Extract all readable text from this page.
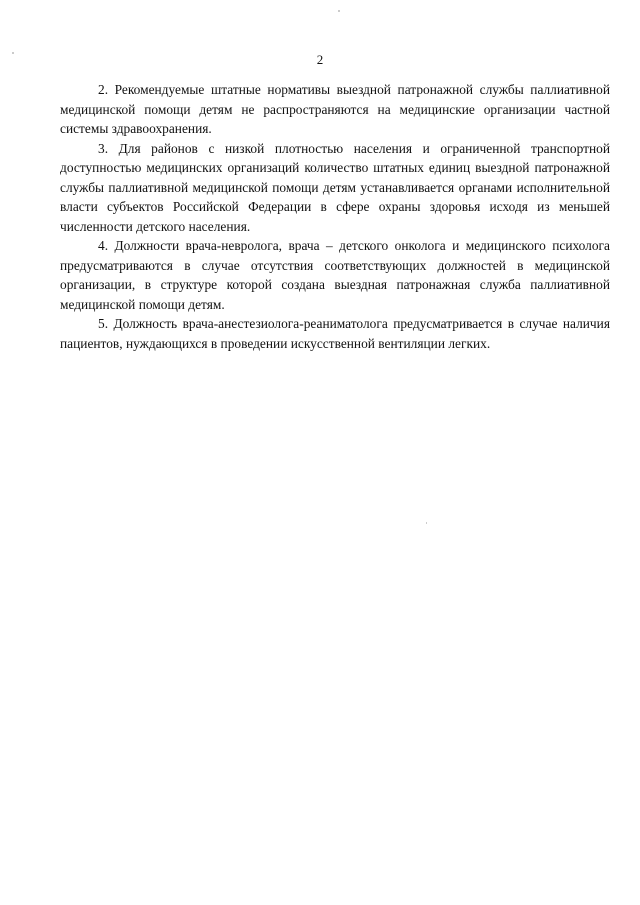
2

2. Рекомендуемые штатные нормативы выездной патронажной службы паллиативной медицинской помощи детям не распространяются на медицинские организации частной системы здравоохранения.

3. Для районов с низкой плотностью населения и ограниченной транспортной доступностью медицинских организаций количество штатных единиц выездной патронажной службы паллиативной медицинской помощи детям устанавливается органами исполнительной власти субъектов Российской Федерации в сфере охраны здоровья исходя из меньшей численности детского населения.

4. Должности врача-невролога, врача – детского онколога и медицинского психолога предусматриваются в случае отсутствия соответствующих должностей в медицинской организации, в структуре которой создана выездная патронажная служба паллиативной медицинской помощи детям.

5. Должность врача-анестезиолога-реаниматолога предусматривается в случае наличия пациентов, нуждающихся в проведении искусственной вентиляции легких.
